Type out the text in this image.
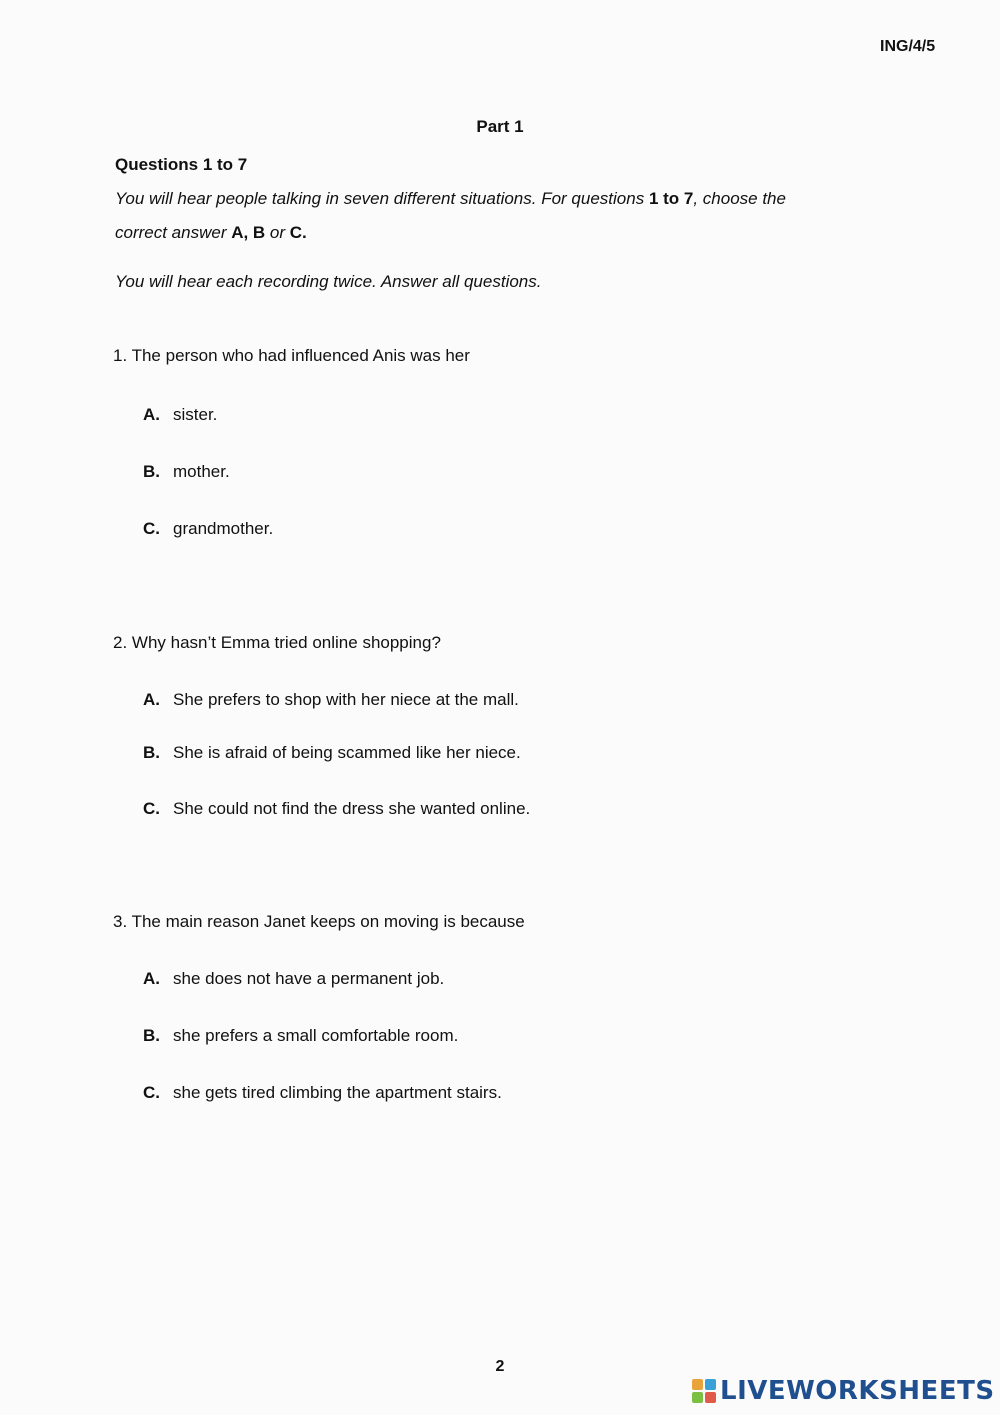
ING/4/5
Part 1
Questions 1 to 7
You will hear people talking in seven different situations. For questions 1 to 7, choose the
correct answer A, B or C.
You will hear each recording twice. Answer all questions.
1. The person who had influenced Anis was her
A. sister.
B. mother.
C. grandmother.
2. Why hasn’t Emma tried online shopping?
A. She prefers to shop with her niece at the mall.
B. She is afraid of being scammed like her niece.
C. She could not find the dress she wanted online.
3. The main reason Janet keeps on moving is because
A. she does not have a permanent job.
B. she prefers a small comfortable room.
C. she gets tired climbing the apartment stairs.
2
LIVEWORKSHEETS
